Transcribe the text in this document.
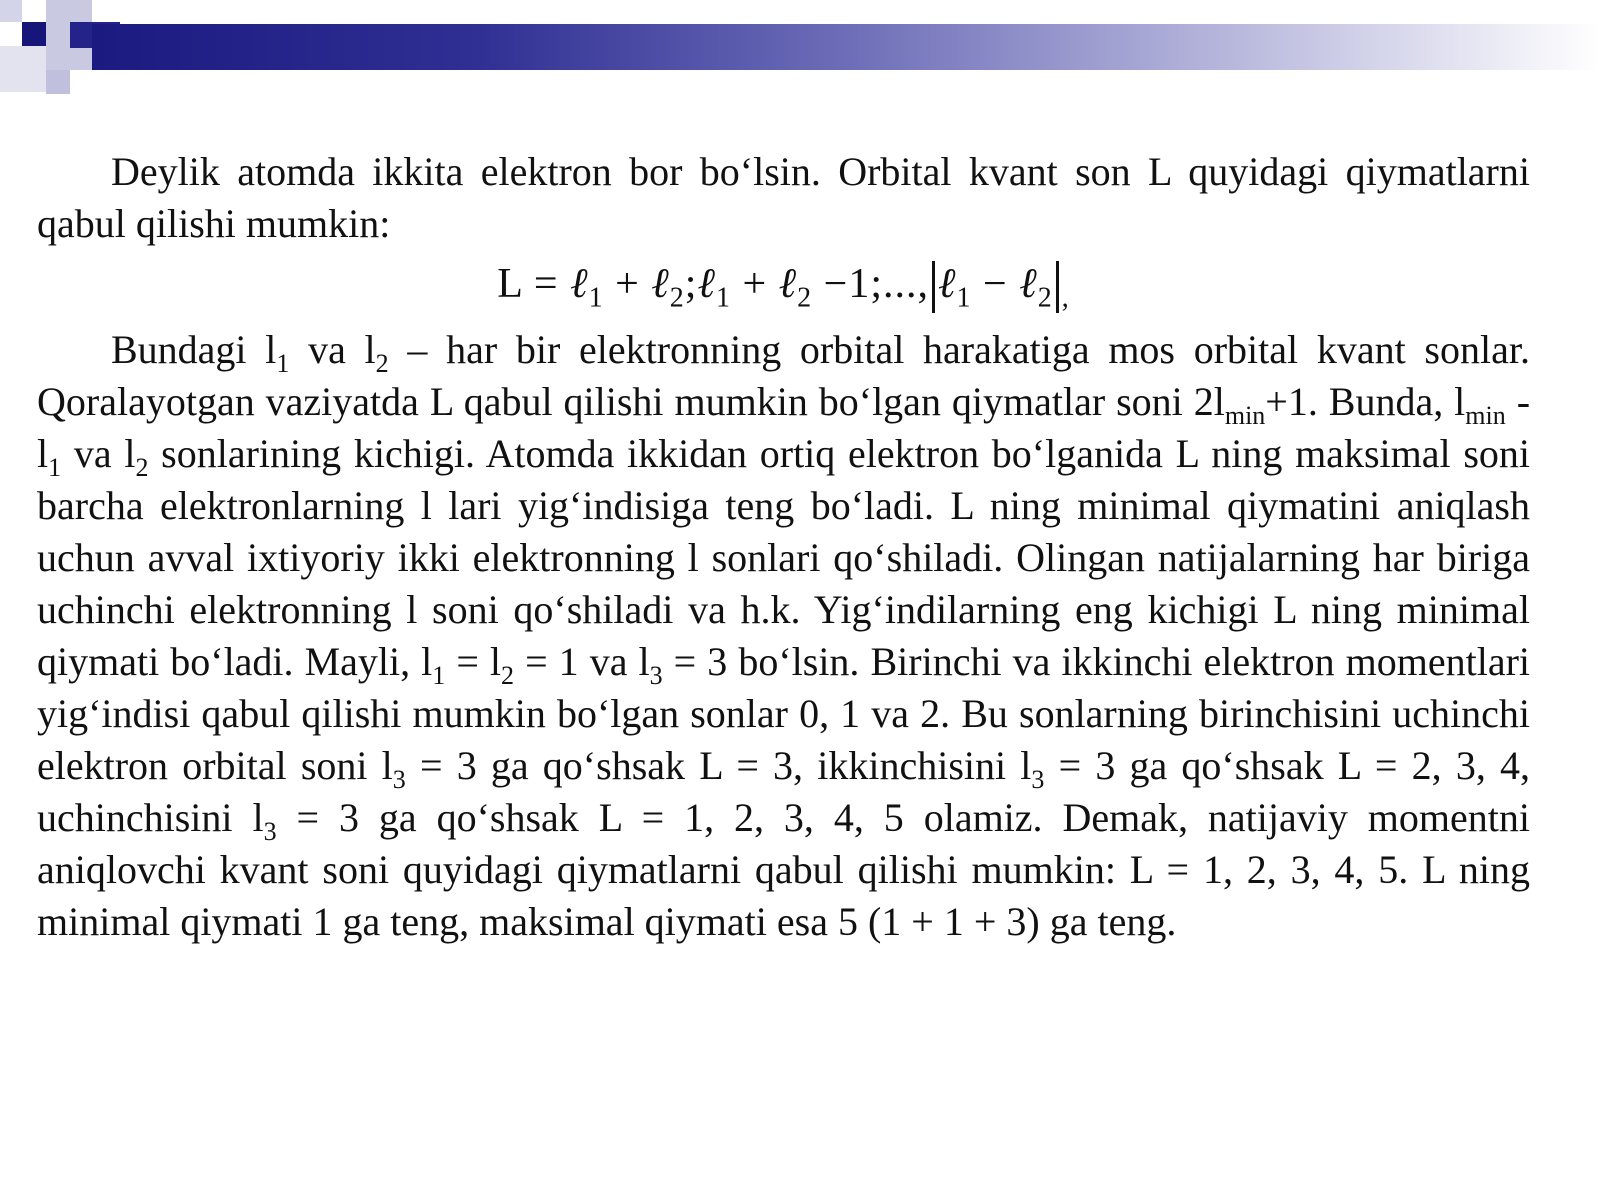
Deylik atomda ikkita elektron bor bo‘lsin. Orbital kvant son L quyidagi qiymatlarni qabul qilishi mumkin:

L = ℓ$_1$ + ℓ$_2$;ℓ$_1$ + ℓ$_2$ −1;..., ℓ$_1$ − ℓ$_2$ $_,$

Bundagi $l_1$ va $l_2$ – har bir elektronning orbital harakatiga mos orbital kvant sonlar. Qoralayotgan vaziyatda L qabul qilishi mumkin bo‘lgan qiymatlar soni $2l_{min}+1$. Bunda, $l_{min} - l_1$ va $l_2$ sonlarining kichigi. Atomda ikkidan ortiq elektron bo‘lganida L ning maksimal soni barcha elektronlarning l lari yig‘indisiga teng bo‘ladi. L ning minimal qiymatini aniqlash uchun avval ixtiyoriy ikki elektronning l sonlari qo‘shiladi. Olingan natijalarning har biriga uchinchi elektronning l soni qo‘shiladi va h.k. Yig‘indilarning eng kichigi L ning minimal qiymati bo‘ladi. Mayli, $l_1 = l_2 = 1$ va $l_3 = 3$ bo‘lsin. Birinchi va ikkinchi elektron momentlari yig‘indisi qabul qilishi mumkin bo‘lgan sonlar 0, 1 va 2. Bu sonlarning birinchisini uchinchi elektron orbital soni $l_3 = 3$ ga qo‘shsak L = 3, ikkinchisini $l_3 = 3$ ga qo‘shsak L = 2, 3, 4, uchinchisini $l_3 = 3$ ga qo‘shsak L = 1, 2, 3, 4, 5 olamiz. Demak, natijaviy momentni aniqlovchi kvant soni quyidagi qiymatlarni qabul qilishi mumkin: L = 1, 2, 3, 4, 5. L ning minimal qiymati 1 ga teng, maksimal qiymati esa 5 (1 + 1 + 3) ga teng.
